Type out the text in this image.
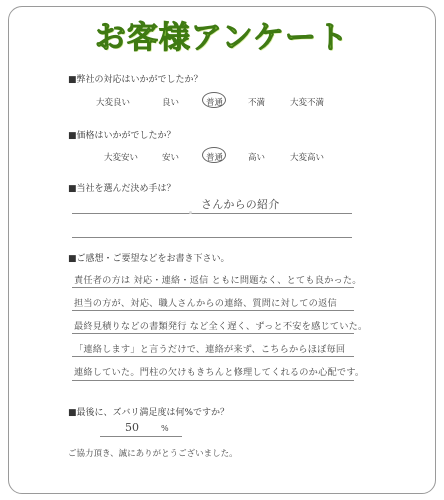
お客様アンケート
■弊社の対応はいかがでしたか？
大変良い	良い	普通	不満	大変不満
■価格はいかがでしたか？
大変安い	安い	普通	高い	大変高い
■当社を選んだ決め手は？
さんからの紹介
■ご感想・ご要望などをお書き下さい。
責任者の方は 対応・連絡・返信 ともに問題なく、とても良かった。
担当の方が、対応、職人さんからの連絡、質問に対しての返信
最終見積りなどの書類発行 など全く遅く、ずっと不安を感じていた。
「連絡します」と言うだけで、連絡が来ず、こちらからほぼ毎回
連絡していた。門柱の欠けもきちんと修理してくれるのか心配です。
■最後に、ズバリ満足度は何%ですか？
50	%
ご協力頂き、誠にありがとうございました。
